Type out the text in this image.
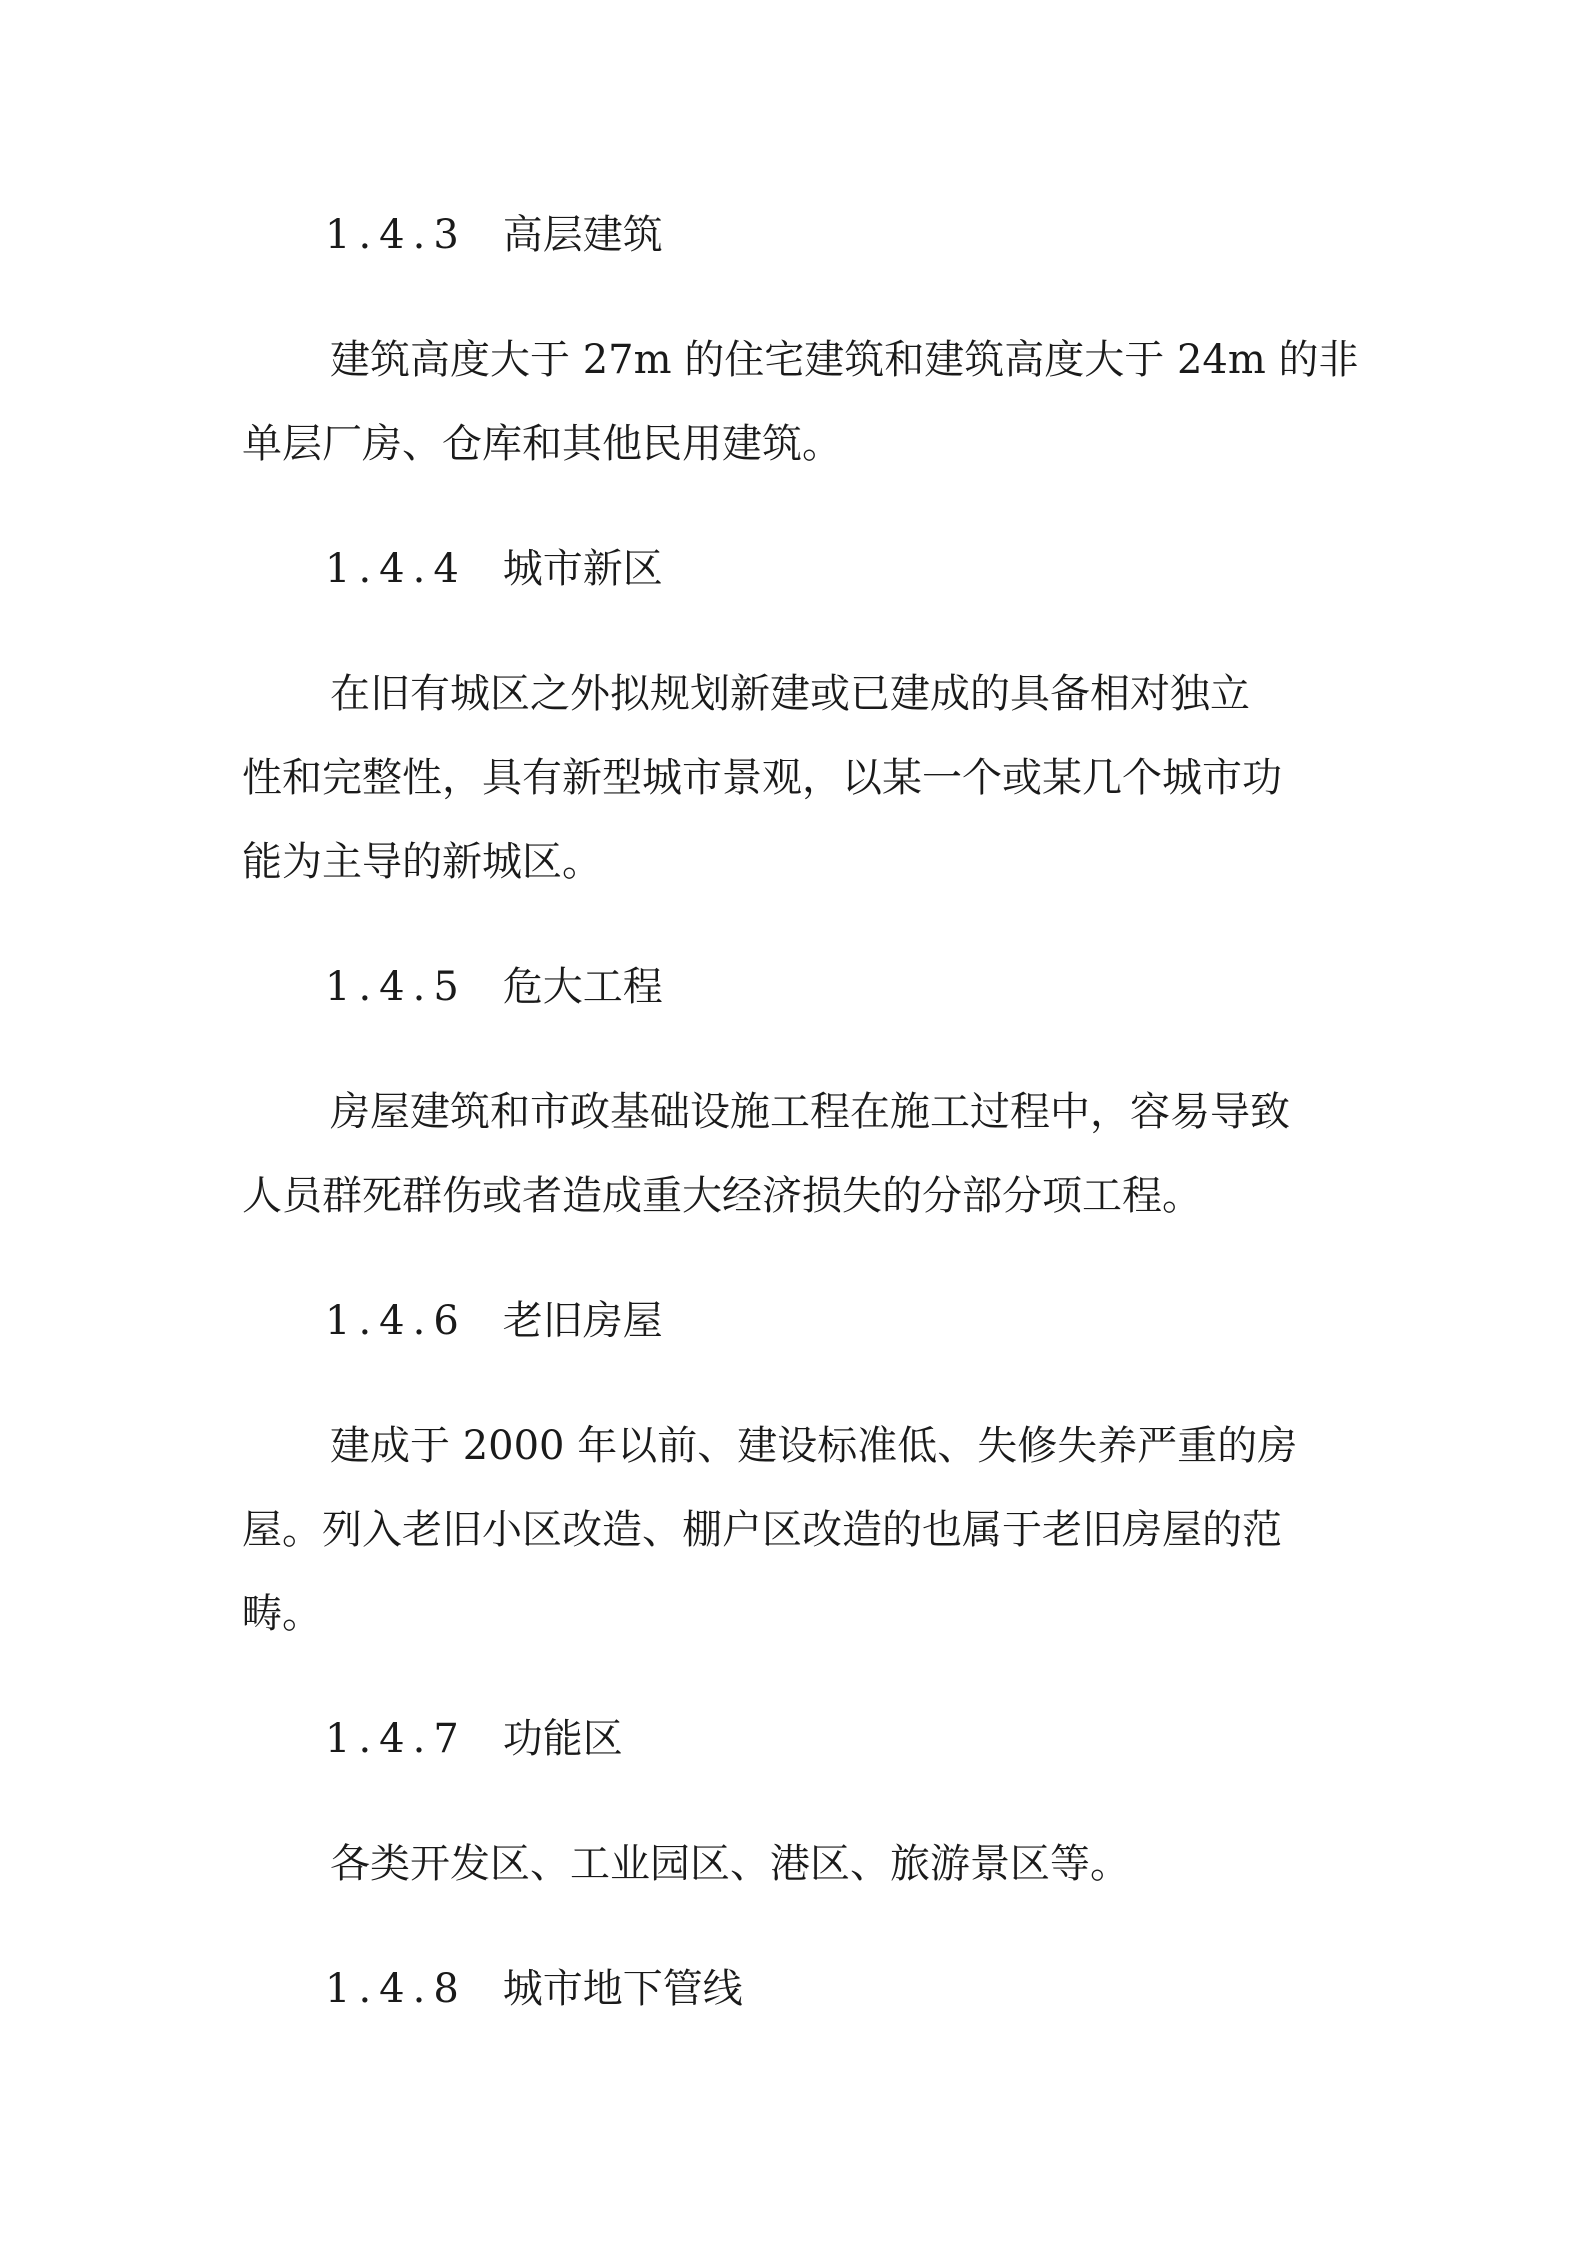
1.4.3 高层建筑
建筑高度大于 27m 的住宅建筑和建筑高度大于 24m 的非
单层厂房、仓库和其他民用建筑。
1.4.4 城市新区
在旧有城区之外拟规划新建或已建成的具备相对独立
性和完整性，具有新型城市景观，以某一个或某几个城市功
能为主导的新城区。
1.4.5 危大工程
房屋建筑和市政基础设施工程在施工过程中，容易导致
人员群死群伤或者造成重大经济损失的分部分项工程。
1.4.6 老旧房屋
建成于 2000 年以前、建设标准低、失修失养严重的房
屋。列入老旧小区改造、棚户区改造的也属于老旧房屋的范
畴。
1.4.7 功能区
各类开发区、工业园区、港区、旅游景区等。
1.4.8 城市地下管线
